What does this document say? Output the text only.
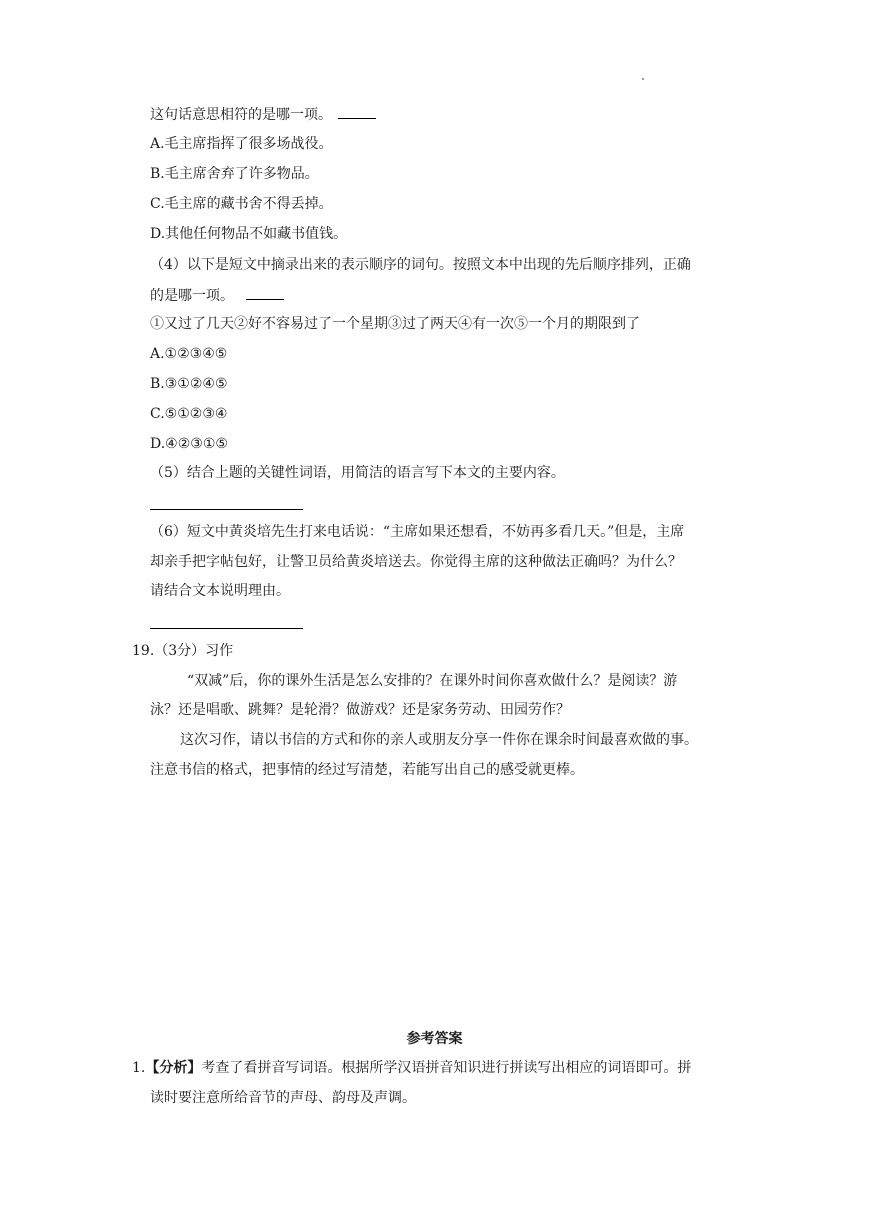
这句话意思相符的是哪一项。
A.毛主席指挥了很多场战役。
B.毛主席舍弃了许多物品。
C.毛主席的藏书舍不得丢掉。
D.其他任何物品不如藏书值钱。
（4）以下是短文中摘录出来的表示顺序的词句。按照文本中出现的先后顺序排列，正确
的是哪一项。
①又过了几天②好不容易过了一个星期③过了两天④有一次⑤一个月的期限到了
A.①②③④⑤
B.③①②④⑤
C.⑤①②③④
D.④②③①⑤
（5）结合上题的关键性词语，用简洁的语言写下本文的主要内容。
（6）短文中黄炎培先生打来电话说：“主席如果还想看，不妨再多看几天。”但是，主席
却亲手把字帖包好，让警卫员给黄炎培送去。你觉得主席的这种做法正确吗？为什么？
请结合文本说明理由。
19.（3分）习作
“双减”后，你的课外生活是怎么安排的？在课外时间你喜欢做什么？是阅读？游
泳？还是唱歌、跳舞？是轮滑？做游戏？还是家务劳动、田园劳作？
这次习作，请以书信的方式和你的亲人或朋友分享一件你在课余时间最喜欢做的事。
注意书信的格式，把事情的经过写清楚，若能写出自己的感受就更棒。
参考答案
1.【分析】考查了看拼音写词语。根据所学汉语拼音知识进行拼读写出相应的词语即可。拼
读时要注意所给音节的声母、韵母及声调。
